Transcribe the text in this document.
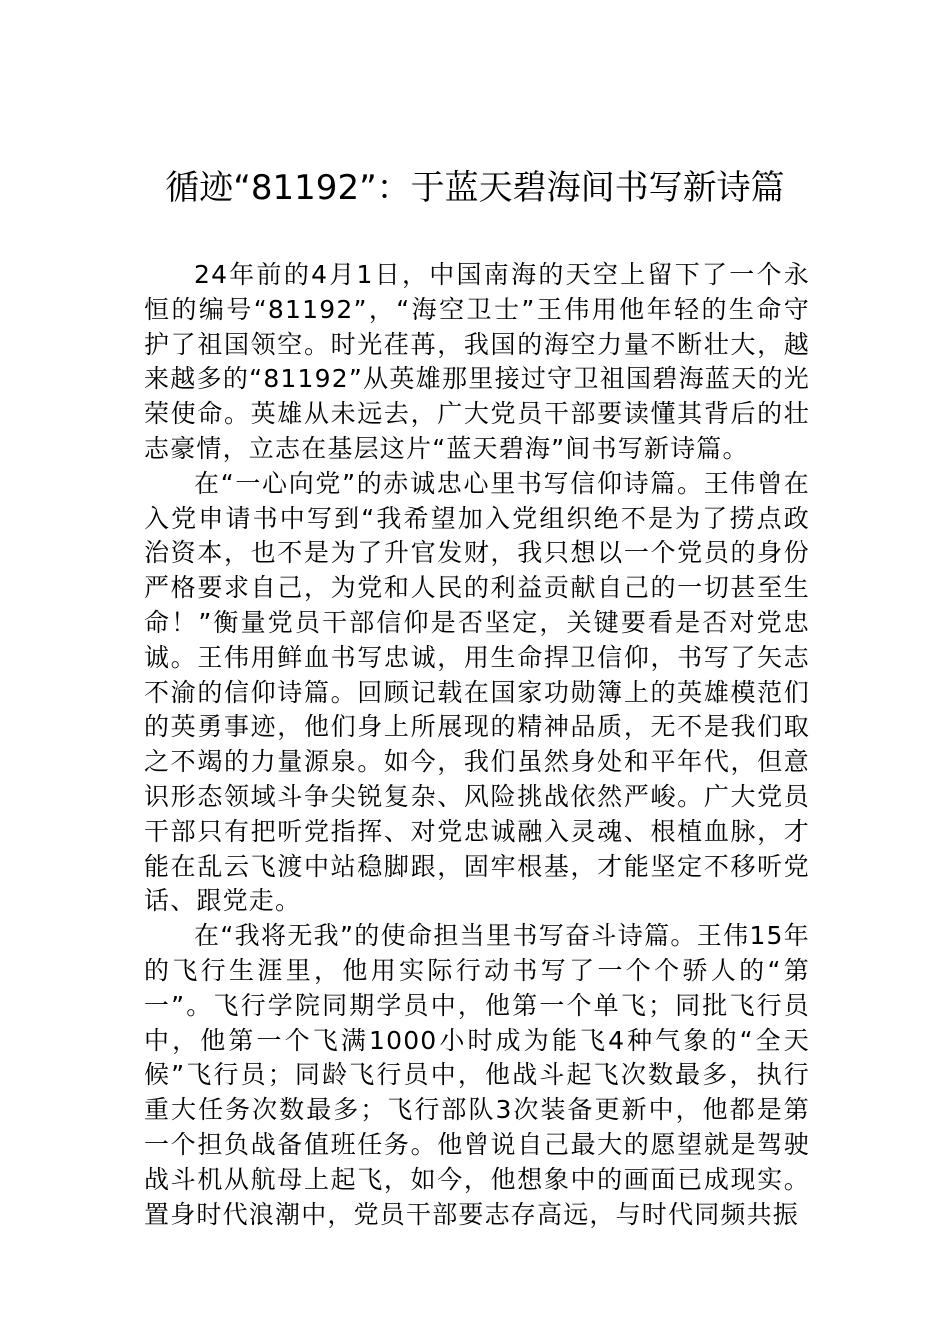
循迹“81192”：于蓝天碧海间书写新诗篇

24年前的4月1日，中国南海的天空上留下了一个永恒的编号“81192”，“海空卫士”王伟用他年轻的生命守护了祖国领空。时光荏苒，我国的海空力量不断壮大，越来越多的“81192”从英雄那里接过守卫祖国碧海蓝天的光荣使命。英雄从未远去，广大党员干部要读懂其背后的壮志豪情，立志在基层这片“蓝天碧海”间书写新诗篇。

在“一心向党”的赤诚忠心里书写信仰诗篇。王伟曾在入党申请书中写到“我希望加入党组织绝不是为了捞点政治资本，也不是为了升官发财，我只想以一个党员的身份严格要求自己，为党和人民的利益贡献自己的一切甚至生命！”衡量党员干部信仰是否坚定，关键要看是否对党忠诚。王伟用鲜血书写忠诚，用生命捍卫信仰，书写了矢志不渝的信仰诗篇。回顾记载在国家功勋簿上的英雄模范们的英勇事迹，他们身上所展现的精神品质，无不是我们取之不竭的力量源泉。如今，我们虽然身处和平年代，但意识形态领域斗争尖锐复杂、风险挑战依然严峻。广大党员干部只有把听党指挥、对党忠诚融入灵魂、根植血脉，才能在乱云飞渡中站稳脚跟，固牢根基，才能坚定不移听党话、跟党走。

在“我将无我”的使命担当里书写奋斗诗篇。王伟15年的飞行生涯里，他用实际行动书写了一个个骄人的“第一”。飞行学院同期学员中，他第一个单飞；同批飞行员中，他第一个飞满1000小时成为能飞4种气象的“全天候”飞行员；同龄飞行员中，他战斗起飞次数最多，执行重大任务次数最多；飞行部队3次装备更新中，他都是第一个担负战备值班任务。他曾说自己最大的愿望就是驾驶战斗机从航母上起飞，如今，他想象中的画面已成现实。置身时代浪潮中，党员干部要志存高远，与时代同频共振
